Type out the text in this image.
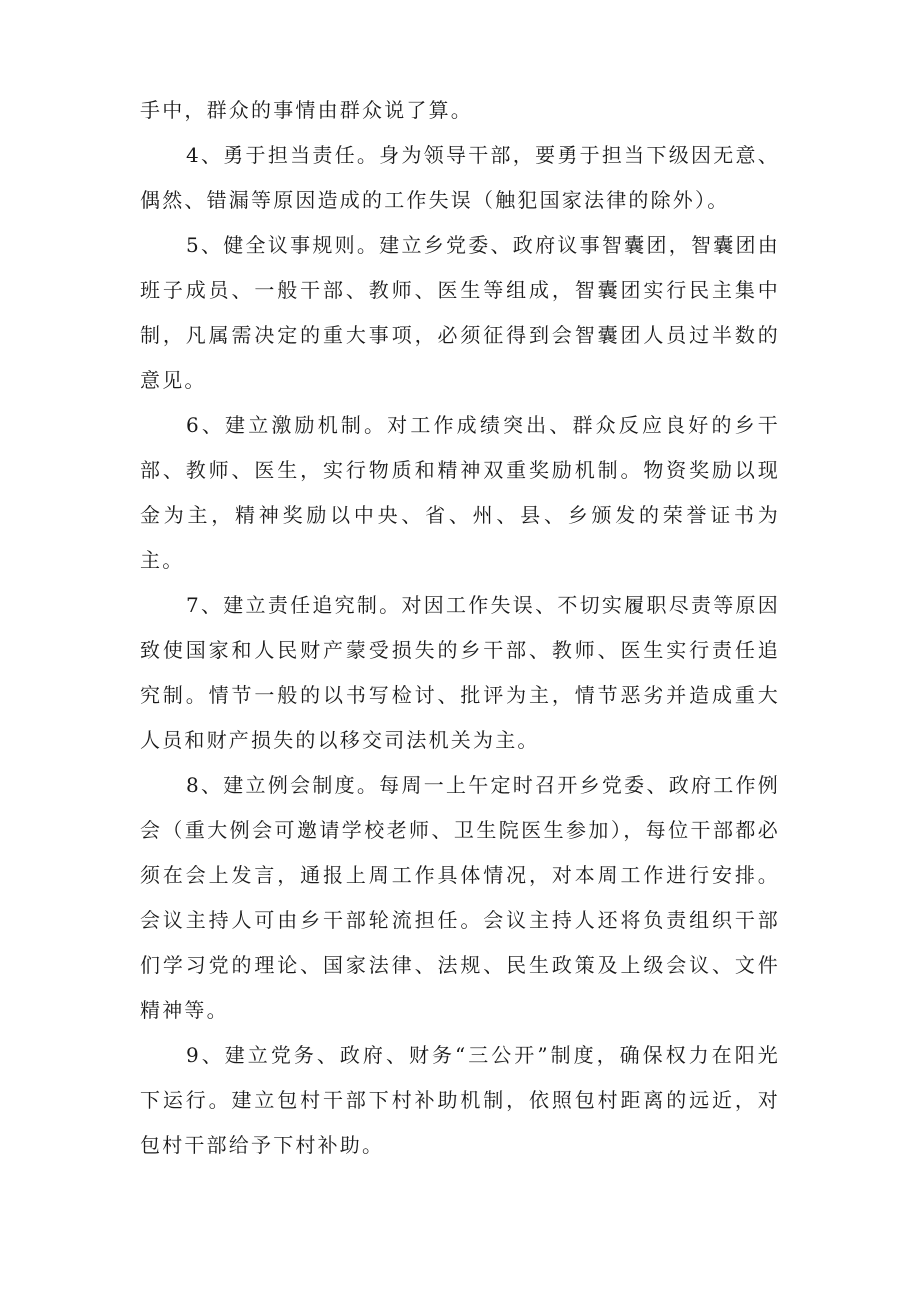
手中，群众的事情由群众说了算。

4、勇于担当责任。身为领导干部，要勇于担当下级因无意、偶然、错漏等原因造成的工作失误（触犯国家法律的除外）。

5、健全议事规则。建立乡党委、政府议事智囊团，智囊团由班子成员、一般干部、教师、医生等组成，智囊团实行民主集中制，凡属需决定的重大事项，必须征得到会智囊团人员过半数的意见。

6、建立激励机制。对工作成绩突出、群众反应良好的乡干部、教师、医生，实行物质和精神双重奖励机制。物资奖励以现金为主，精神奖励以中央、省、州、县、乡颁发的荣誉证书为主。

7、建立责任追究制。对因工作失误、不切实履职尽责等原因致使国家和人民财产蒙受损失的乡干部、教师、医生实行责任追究制。情节一般的以书写检讨、批评为主，情节恶劣并造成重大人员和财产损失的以移交司法机关为主。

8、建立例会制度。每周一上午定时召开乡党委、政府工作例会（重大例会可邀请学校老师、卫生院医生参加），每位干部都必须在会上发言，通报上周工作具体情况，对本周工作进行安排。会议主持人可由乡干部轮流担任。会议主持人还将负责组织干部们学习党的理论、国家法律、法规、民生政策及上级会议、文件精神等。

9、建立党务、政府、财务“三公开”制度，确保权力在阳光下运行。建立包村干部下村补助机制，依照包村距离的远近，对包村干部给予下村补助。
